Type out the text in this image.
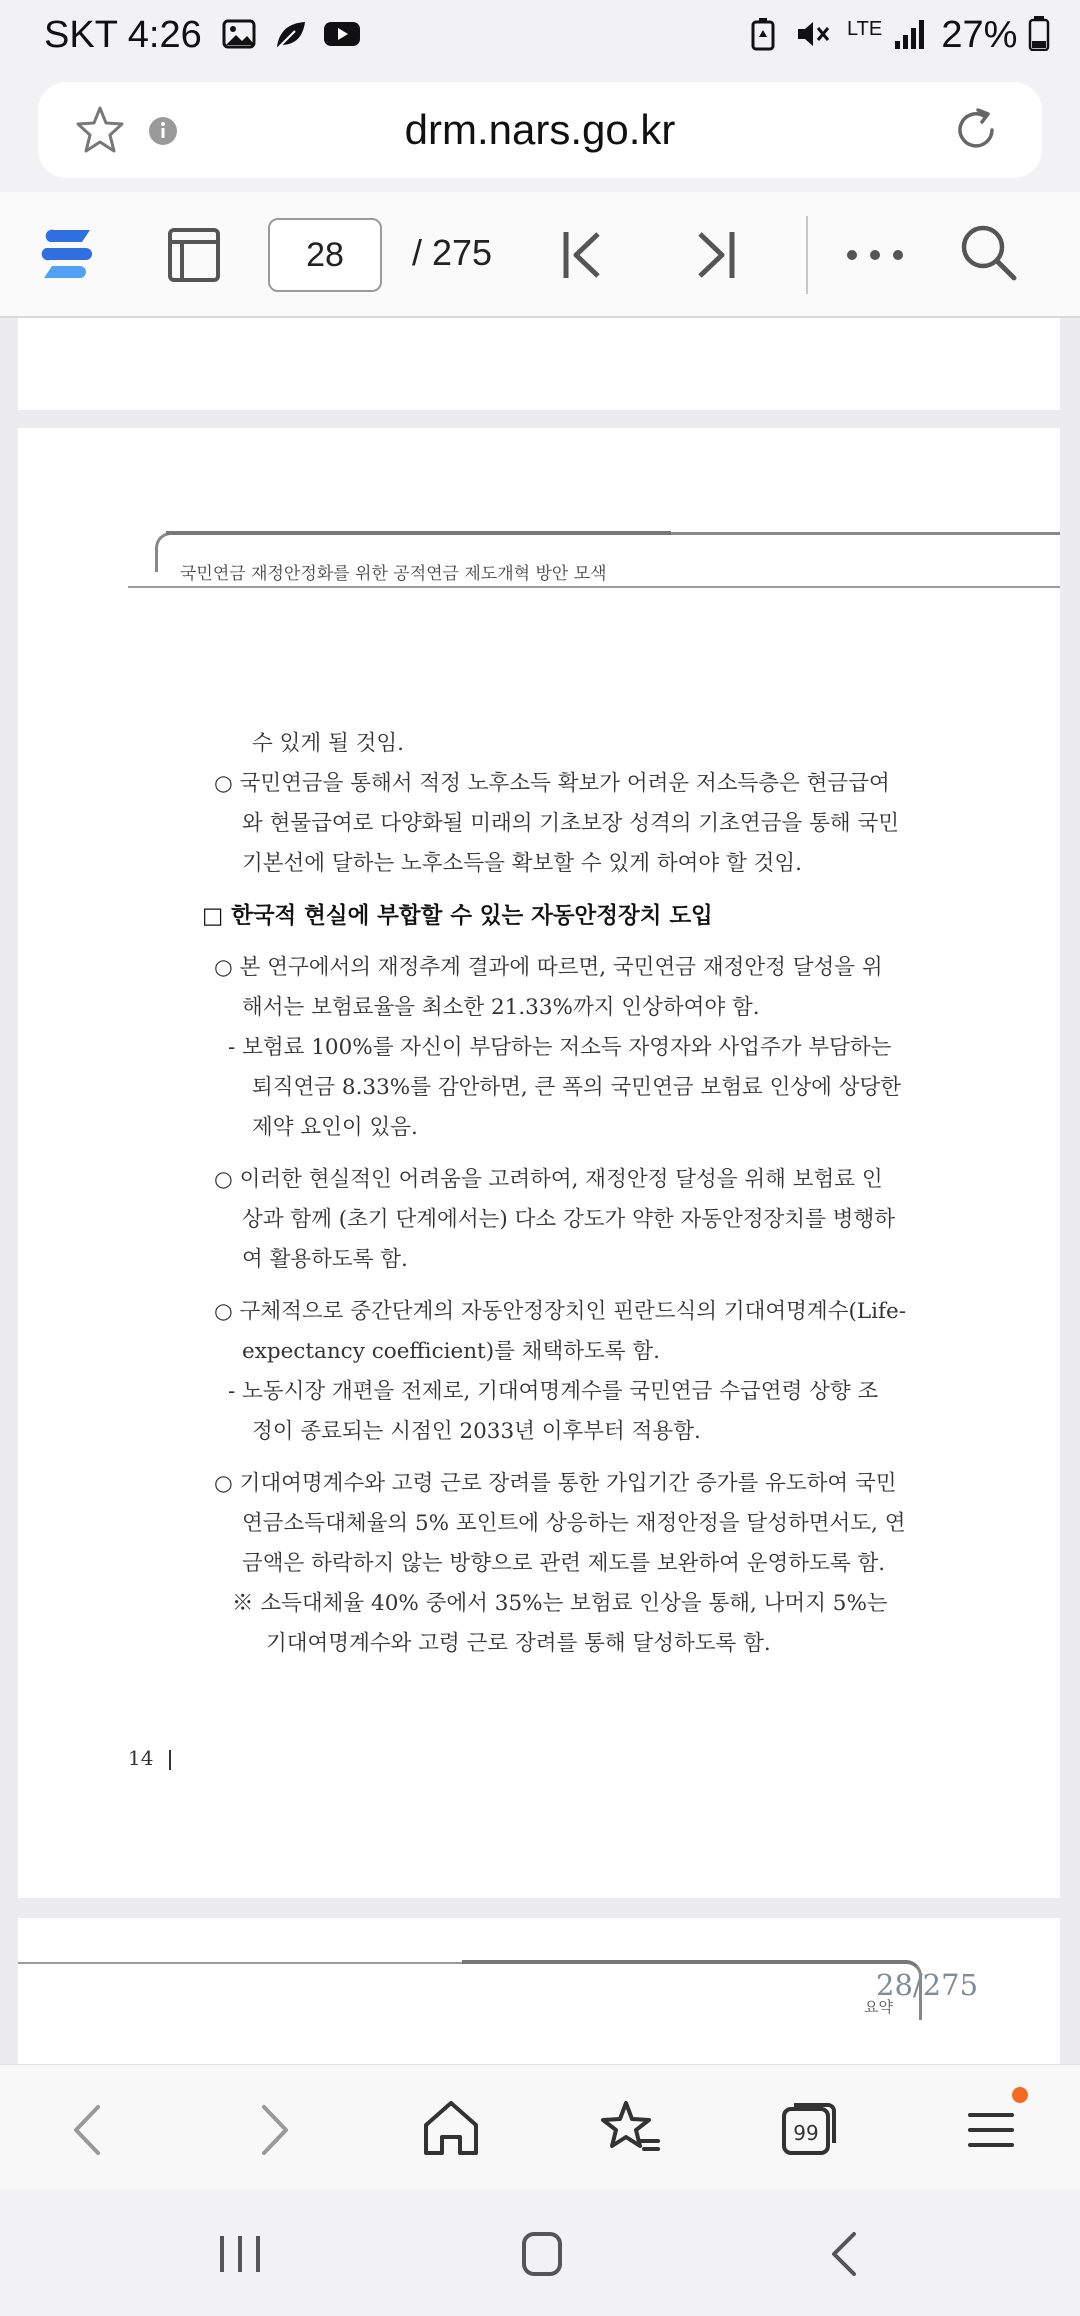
SKT 4:26	$^{LTE}$ 27%
drm.nars.go.kr
28	/ 275
국민연금 재정안정화를 위한 공적연금 제도개혁 방안 모색
수 있게 될 것임.
○ 국민연금을 통해서 적정 노후소득 확보가 어려운 저소득층은 현금급여
와 현물급여로 다양화될 미래의 기초보장 성격의 기초연금을 통해 국민
기본선에 달하는 노후소득을 확보할 수 있게 하여야 할 것임.
□ 한국적 현실에 부합할 수 있는 자동안정장치 도입
○ 본 연구에서의 재정추계 결과에 따르면, 국민연금 재정안정 달성을 위
해서는 보험료율을 최소한 21.33%까지 인상하여야 함.
- 보험료 100%를 자신이 부담하는 저소득 자영자와 사업주가 부담하는
퇴직연금 8.33%를 감안하면, 큰 폭의 국민연금 보험료 인상에 상당한
제약 요인이 있음.
○ 이러한 현실적인 어려움을 고려하여, 재정안정 달성을 위해 보험료 인
상과 함께 (초기 단계에서는) 다소 강도가 약한 자동안정장치를 병행하
여 활용하도록 함.
○ 구체적으로 중간단계의 자동안정장치인 핀란드식의 기대여명계수(Life-
expectancy coefficient)를 채택하도록 함.
- 노동시장 개편을 전제로, 기대여명계수를 국민연금 수급연령 상향 조
정이 종료되는 시점인 2033년 이후부터 적용함.
○ 기대여명계수와 고령 근로 장려를 통한 가입기간 증가를 유도하여 국민
연금소득대체율의 5% 포인트에 상응하는 재정안정을 달성하면서도, 연
금액은 하락하지 않는 방향으로 관련 제도를 보완하여 운영하도록 함.
※ 소득대체율 40% 중에서 35%는 보험료 인상을 통해, 나머지 5%는
기대여명계수와 고령 근로 장려를 통해 달성하도록 함.
14
요약
28/275
99
